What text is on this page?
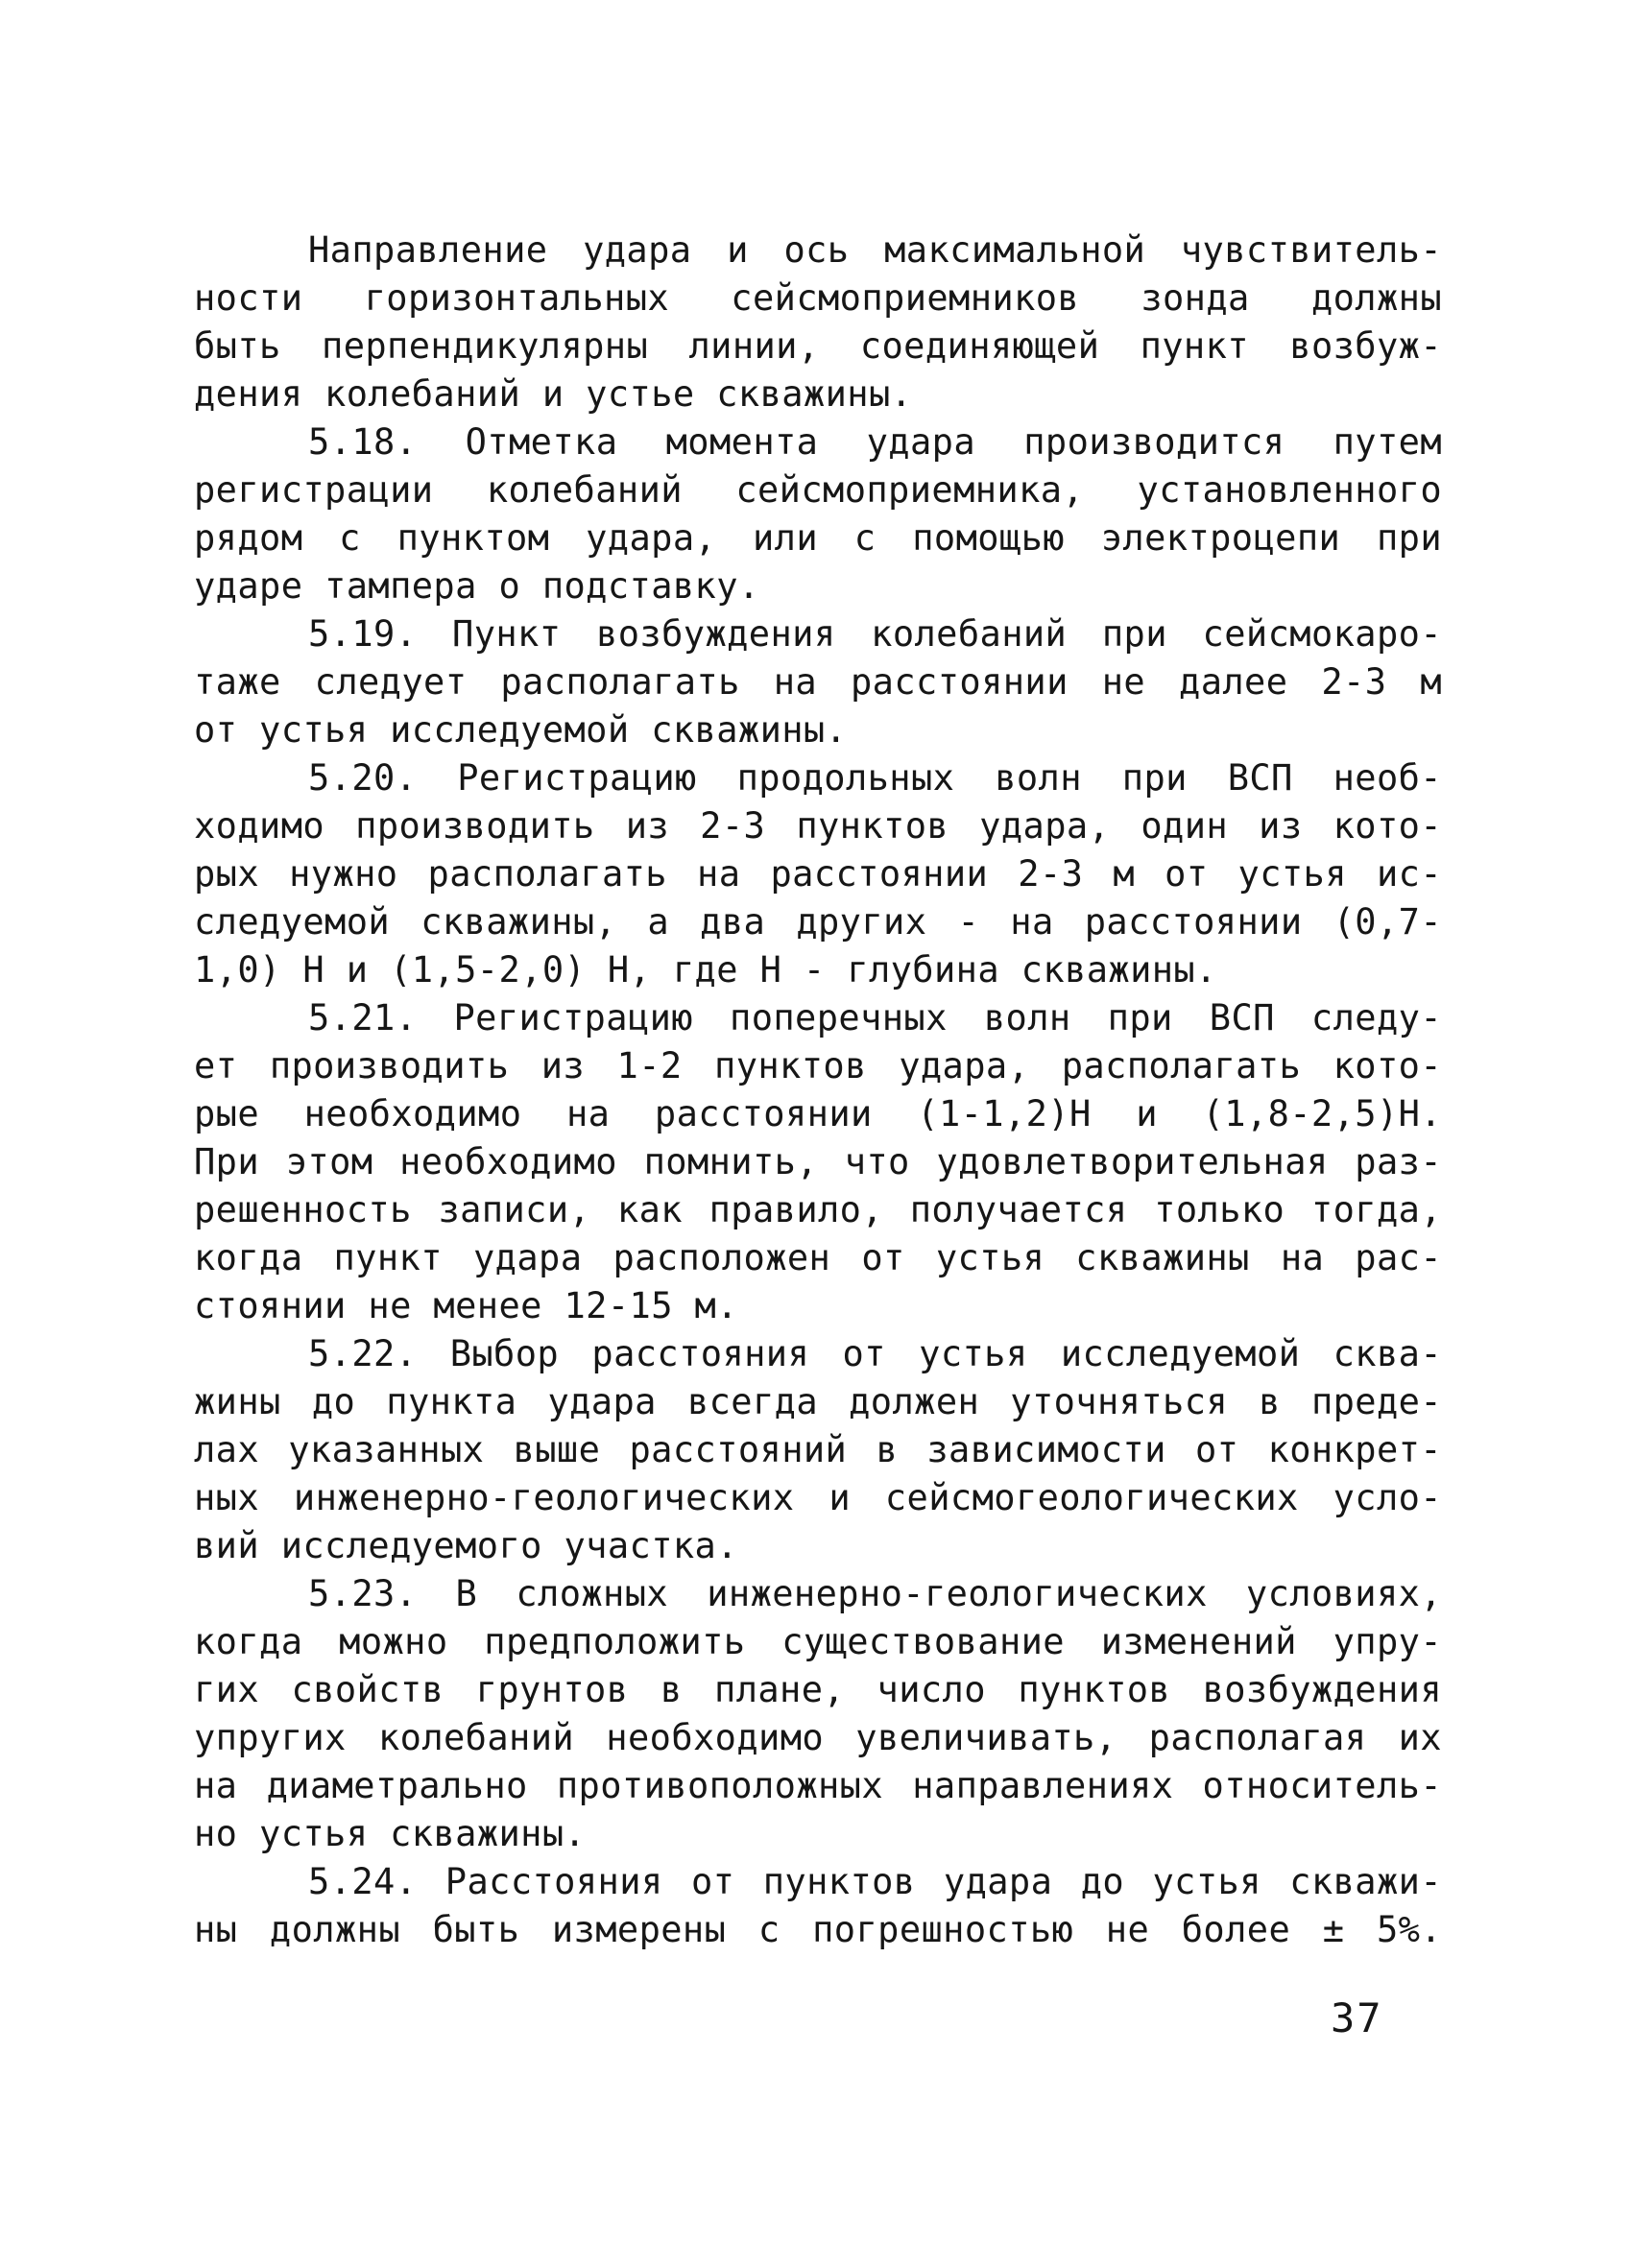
Направление удара и ось максимальной чувствитель-
ности горизонтальных сейсмоприемников зонда должны
быть перпендикулярны линии, соединяющей пункт возбуж-
дения колебаний и устье скважины.
5.18. Отметка момента удара производится путем
регистрации колебаний сейсмоприемника, установленного
рядом с пунктом удара, или с помощью электроцепи при
ударе тампера о подставку.
5.19. Пункт возбуждения колебаний при сейсмокаро-
таже следует располагать на расстоянии не далее 2-3 м
от устья исследуемой скважины.
5.20. Регистрацию продольных волн при ВСП необ-
ходимо производить из 2-3 пунктов удара, один из кото-
рых нужно располагать на расстоянии 2-3 м от устья ис-
следуемой скважины, а два других - на расстоянии (0,7-
1,0) Н и (1,5-2,0) Н, где Н - глубина скважины.
5.21. Регистрацию поперечных волн при ВСП следу-
ет производить из 1-2 пунктов удара, располагать кото-
рые необходимо на расстоянии (1-1,2)Н и (1,8-2,5)Н.
При этом необходимо помнить, что удовлетворительная раз-
решенность записи, как правило, получается только тогда,
когда пункт удара расположен от устья скважины на рас-
стоянии не менее 12-15 м.
5.22. Выбор расстояния от устья исследуемой сква-
жины до пункта удара всегда должен уточняться в преде-
лах указанных выше расстояний в зависимости от конкрет-
ных инженерно-геологических и сейсмогеологических усло-
вий исследуемого участка.
5.23. В сложных инженерно-геологических условиях,
когда можно предположить существование изменений упру-
гих свойств грунтов в плане, число пунктов возбуждения
упругих колебаний необходимо увеличивать, располагая их
на диаметрально противоположных направлениях относитель-
но устья скважины.
5.24. Расстояния от пунктов удара до устья скважи-
ны должны быть измерены с погрешностью не более ± 5%.
37
